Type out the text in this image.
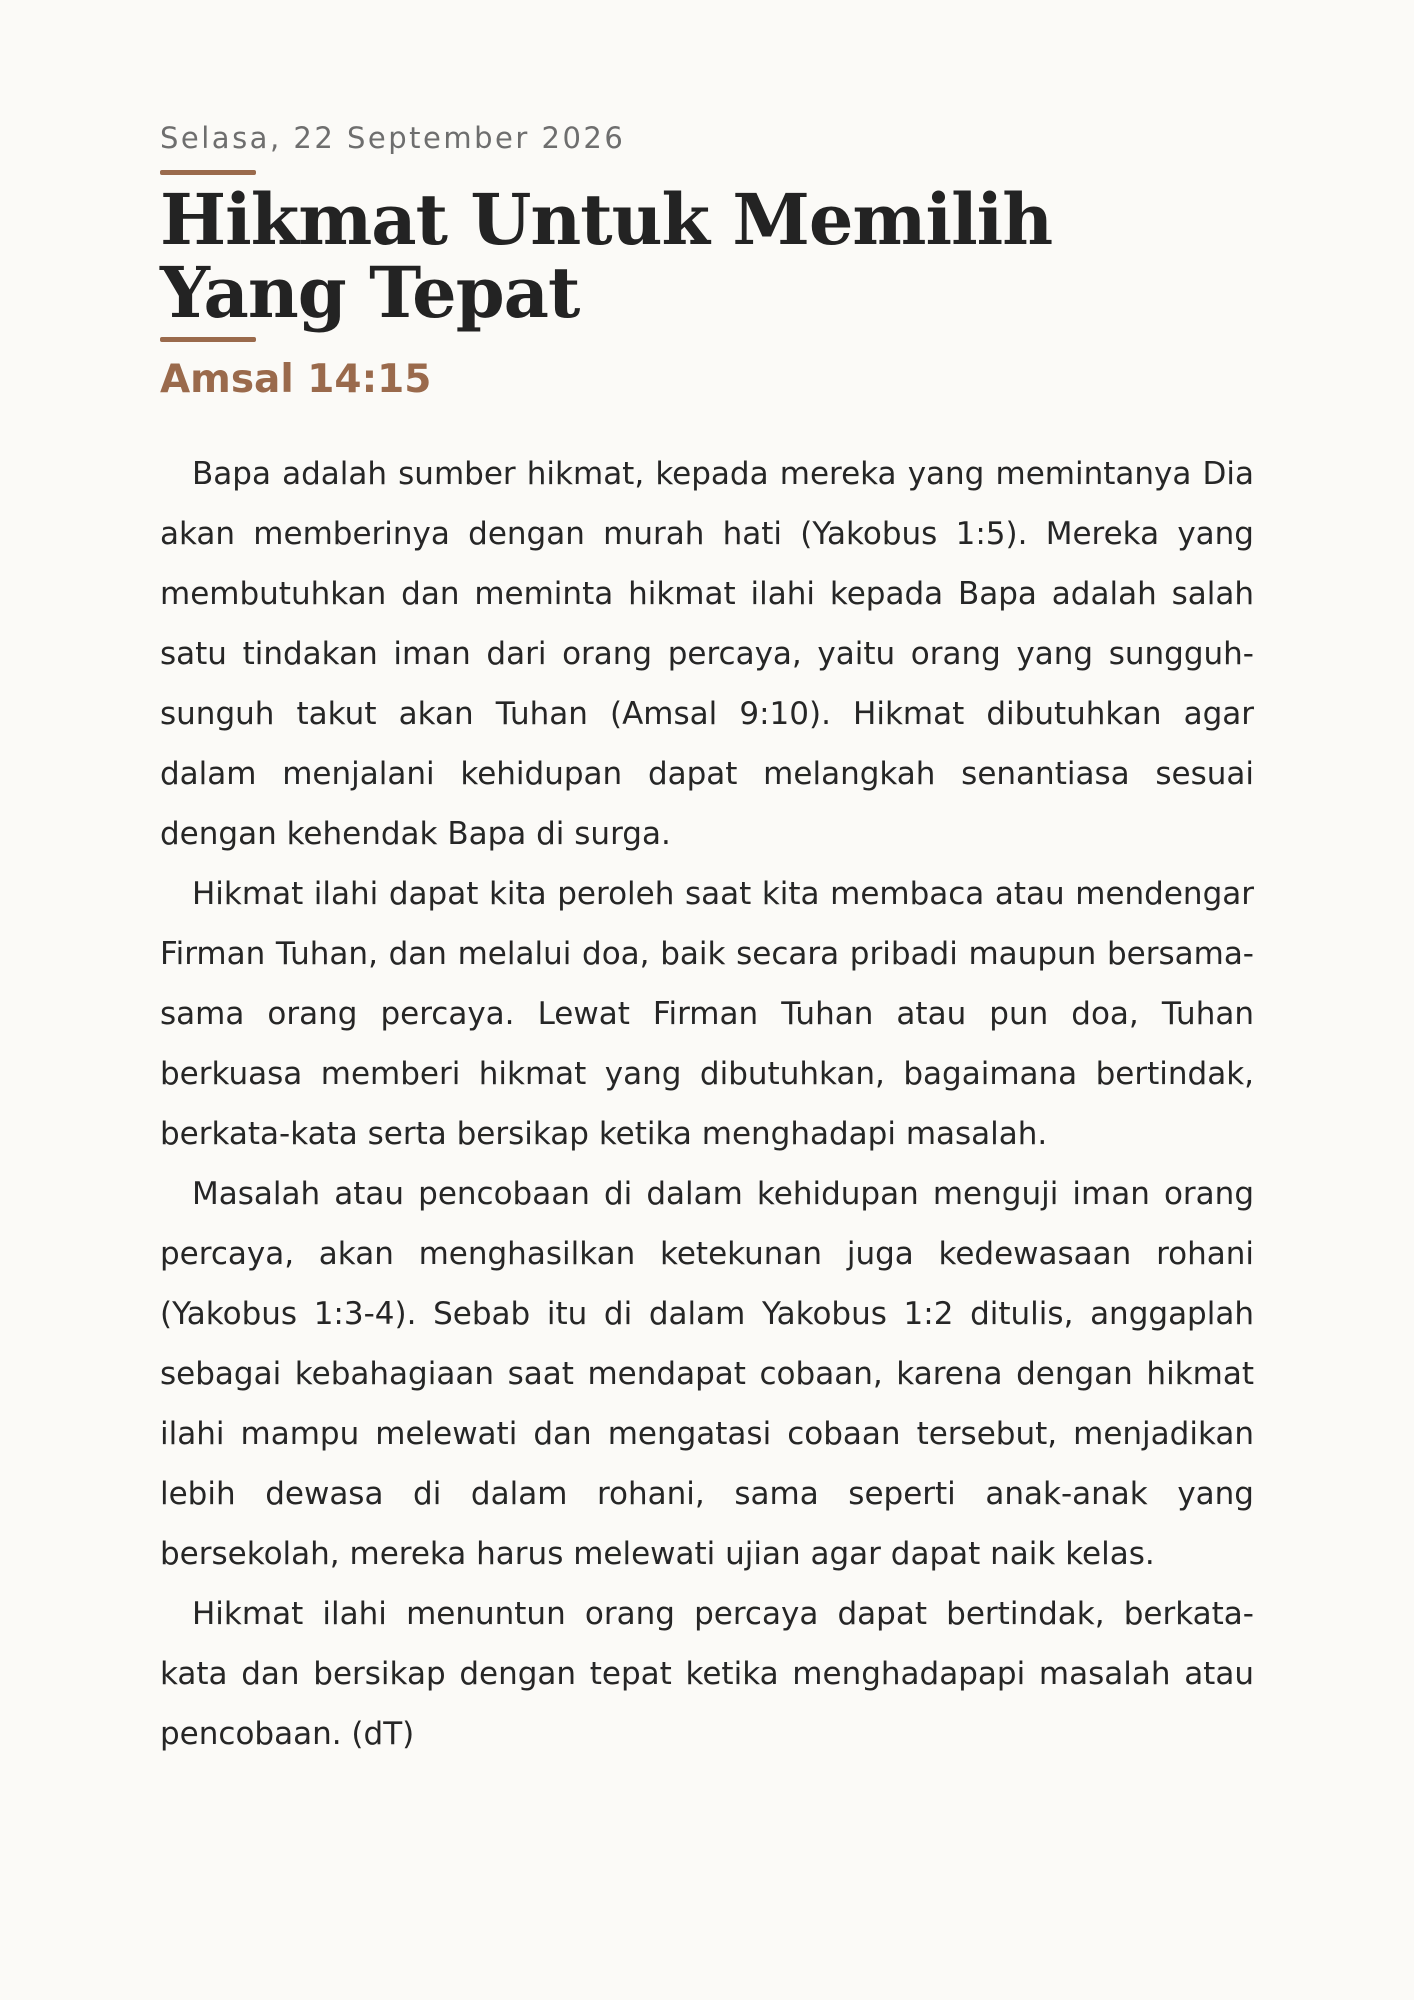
Selasa, 22 September 2026
Hikmat Untuk Memilih Yang Tepat
Amsal 14:15

Bapa adalah sumber hikmat, kepada mereka yang memintanya Dia akan memberinya dengan murah hati (Yakobus 1:5). Mereka yang membutuhkan dan meminta hikmat ilahi kepada Bapa adalah salah satu tindakan iman dari orang percaya, yaitu orang yang sungguh-sunguh takut akan Tuhan (Amsal 9:10). Hikmat dibutuhkan agar dalam menjalani kehidupan dapat melangkah senantiasa sesuai dengan kehendak Bapa di surga.

Hikmat ilahi dapat kita peroleh saat kita membaca atau mendengar Firman Tuhan, dan melalui doa, baik secara pribadi maupun bersama-sama orang percaya. Lewat Firman Tuhan atau pun doa, Tuhan berkuasa memberi hikmat yang dibutuhkan, bagaimana bertindak, berkata-kata serta bersikap ketika menghadapi masalah.

Masalah atau pencobaan di dalam kehidupan menguji iman orang percaya, akan menghasilkan ketekunan juga kedewasaan rohani (Yakobus 1:3-4). Sebab itu di dalam Yakobus 1:2 ditulis, anggaplah sebagai kebahagiaan saat mendapat cobaan, karena dengan hikmat ilahi mampu melewati dan mengatasi cobaan tersebut, menjadikan lebih dewasa di dalam rohani, sama seperti anak-anak yang bersekolah, mereka harus melewati ujian agar dapat naik kelas.

Hikmat ilahi menuntun orang percaya dapat bertindak, berkata-kata dan bersikap dengan tepat ketika menghadapapi masalah atau pencobaan. (dT)
